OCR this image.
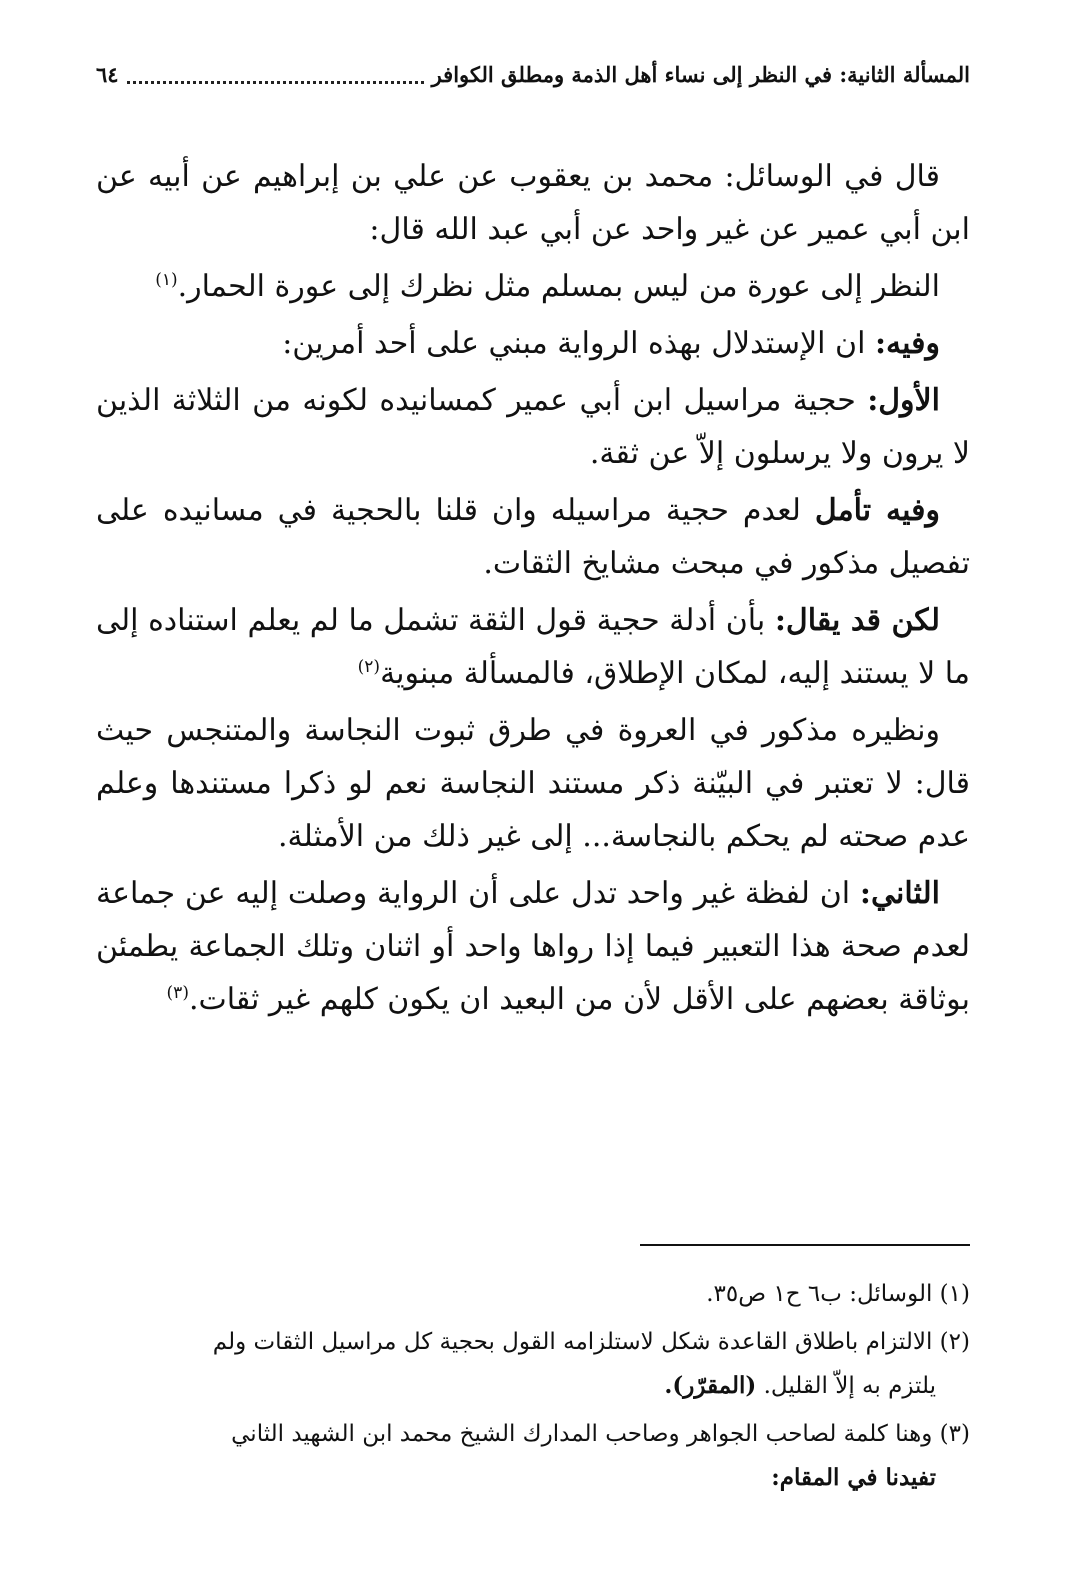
المسألة الثانية: في النظر إلى نساء أهل الذمة ومطلق الكوافر
٦٤

قال في الوسائل: محمد بن يعقوب عن علي بن إبراهيم عن أبيه عن ابن أبي عمير عن غير واحد عن أبي عبد الله قال:

النظر إلى عورة من ليس بمسلم مثل نظرك إلى عورة الحمار.$^{(١)}$

وفيه: ان الإستدلال بهذه الرواية مبني على أحد أمرين:

الأول: حجية مراسيل ابن أبي عمير كمسانيده لكونه من الثلاثة الذين لا يرون ولا يرسلون إلاّ عن ثقة.

وفيه تأمل لعدم حجية مراسيله وان قلنا بالحجية في مسانيده على تفصيل مذكور في مبحث مشايخ الثقات.

لكن قد يقال: بأن أدلة حجية قول الثقة تشمل ما لم يعلم استناده إلى ما لا يستند إليه، لمكان الإطلاق، فالمسألة مبنوية$^{(٢)}$

ونظيره مذكور في العروة في طرق ثبوت النجاسة والمتنجس حيث قال: لا تعتبر في البيّنة ذكر مستند النجاسة نعم لو ذكرا مستندها وعلم عدم صحته لم يحكم بالنجاسة... إلى غير ذلك من الأمثلة.

الثاني: ان لفظة غير واحد تدل على أن الرواية وصلت إليه عن جماعة لعدم صحة هذا التعبير فيما إذا رواها واحد أو اثنان وتلك الجماعة يطمئن بوثاقة بعضهم على الأقل لأن من البعيد ان يكون كلهم غير ثقات.$^{(٣)}$

(١) الوسائل: ب٦ ح١ ص٣٥.
(٢) الالتزام باطلاق القاعدة شكل لاستلزامه القول بحجية كل مراسيل الثقات ولم
يلتزم به إلاّ القليل. (المقرّر).
(٣) وهنا كلمة لصاحب الجواهر وصاحب المدارك الشيخ محمد ابن الشهيد الثاني
تفيدنا في المقام:
